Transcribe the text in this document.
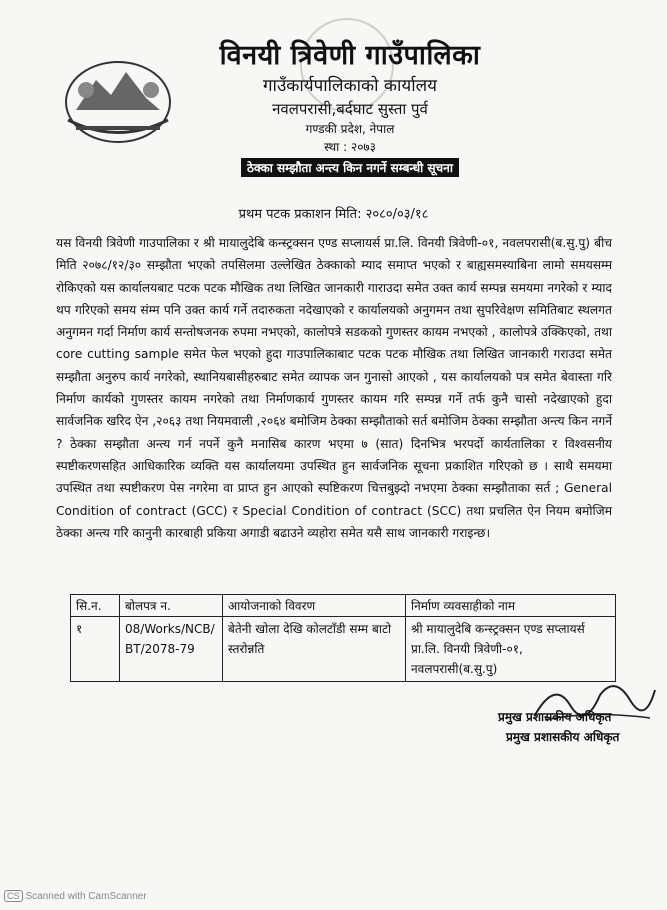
विनयी त्रिवेणी गाउँपालिका
गाउँकार्यपालिकाको कार्यालय
नवलपरासी,बर्दघाट सुस्ता पुर्व
गण्डकी प्रदेश, नेपाल
स्था : २०७३
ठेक्का सम्झौता अन्त्य किन नगर्ने सम्बन्धी सूचना
प्रथम पटक प्रकाशन मिति: २०८०/०३/१८
यस विनयी त्रिवेणी गाउपालिका र श्री मायालुदेबि कन्स्ट्रक्सन एण्ड सप्लायर्स प्रा.लि. विनयी त्रिवेणी-०१, नवलपरासी(ब.सु.पु) बीच मिति २०७८/१२/३० सम्झौता भएको तपसिलमा उल्लेखित ठेक्काको म्याद समाप्त भएको र बाह्यसमस्याबिना लामो समयसम्म रोकिएको यस कार्यालयबाट पटक पटक मौखिक तथा लिखित जानकारी गाराउदा समेत उक्त कार्य सम्पन्न समयमा नगरेको र म्याद थप गरिएको समय संम्म पनि उक्त कार्य गर्ने तदारुकता नदेखाएको र कार्यालयको अनुगमन तथा सुपरिवेक्षण समितिबाट स्थलगत अनुगमन गर्दा निर्माण कार्य सन्तोषजनक रुपमा नभएको, कालोपत्रे सडकको गुणस्तर कायम नभएको , कालोपत्रे उक्किएको, तथा core cutting sample समेत फेल भएको हुदा गाउपालिकाबाट पटक पटक मौखिक तथा लिखित जानकारी गराउदा समेत सम्झौता अनुरुप कार्य नगरेको, स्थानियबासीहरुबाट समेत व्यापक जन गुनासो आएको , यस कार्यालयको पत्र समेत बेवास्ता गरि निर्माण कार्यको गुणस्तर कायम नगरेको तथा निर्माणकार्य गुणस्तर कायम गरि सम्पन्न गर्ने तर्फ कुनै चासो नदेखाएको हुदा सार्वजनिक खरिद ऐन ,२०६३ तथा नियमवाली ,२०६४ बमोजिम ठेक्का सम्झौताको सर्त बमोजिम ठेक्का सम्झौता अन्त्य किन नगर्ने ? ठेक्का सम्झौता अन्त्य गर्न नपर्ने कुनै मनासिब कारण भएमा ७ (सात) दिनभित्र भरपर्दो कार्यतालिका र विश्वसनीय स्पष्टीकरणसहित आधिकारिक व्यक्ति यस कार्यालयमा उपस्थित हुन सार्वजनिक सूचना प्रकाशित गरिएको छ । साथै समयमा उपस्थित तथा स्पष्टीकरण पेस नगरेमा वा प्राप्त हुन आएको स्पष्टिकरण चित्तबुझ्दो नभएमा ठेक्का सम्झौताका सर्त ; General Condition of contract (GCC) र Special Condition of contract (SCC) तथा प्रचलित ऐन नियम बमोजिम ठेक्का अन्त्य गरि कानुनी कारबाही प्रकिया अगाडी बढाउने व्यहोरा समेत यसै साथ जानकारी गराइन्छ।
सि.न.	बोलपत्र न.	आयोजनाको विवरण	निर्माण व्यवसाहीको नाम
१	08/Works/NCB/ BT/2078-79	बेतेनी खोला देखि कोलटाँडी सम्म बाटो स्तरोन्नति	श्री मायालुदेबि कन्स्ट्रक्सन एण्ड सप्लायर्स प्रा.लि. विनयी त्रिवेणी-०१, नवलपरासी(ब.सु.पु)
प्रमुख प्रशासकीय अधिकृत
प्रमुख प्रशासकीय अधिकृत
CS Scanned with CamScanner
